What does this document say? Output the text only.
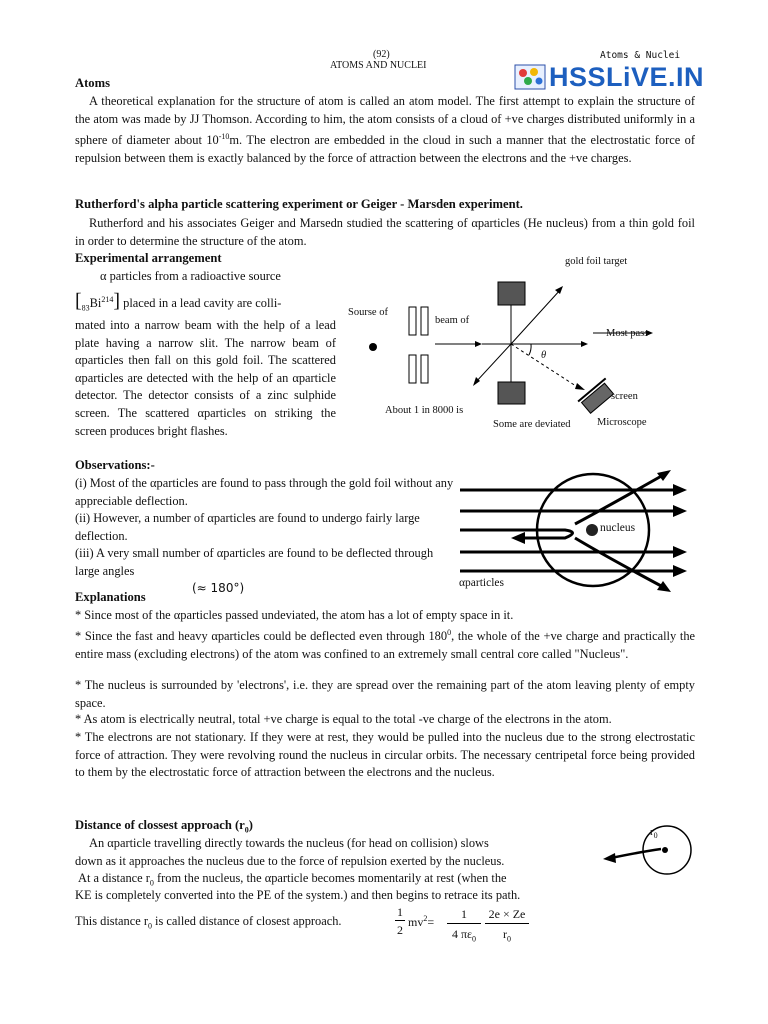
(92)
ATOMS AND NUCLEI
Atoms & Nuclei
HSSLiVE.IN
Atoms
A theoretical explanation for the structure of atom is called an atom model. The first attempt to explain the structure of the atom was made by JJ Thomson. According to him, the atom consists of a cloud of +ve charges distributed uniformly in a sphere of diameter about $10^{-10}m$. The electron are embedded in the cloud in such a manner that the electrostatic force of repulsion between them is exactly balanced by the force of attraction between the electrons and the +ve charges.
Rutherford's alpha particle scattering experiment or Geiger - Marsden experiment.
Rutherford and his associates Geiger and Marsedn studied the scattering of αparticles (He nucleus) from a thin gold foil in order to determine the structure of the atom.
Experimental arrangement
α particles from a radioactive source
$[_{83}Bi^{214}]$ placed in a lead cavity are colli-
mated into a narrow beam with the help of a lead plate having a narrow slit. The narrow beam of αparticles then fall on this gold foil. The scattered αparticles are detected with the help of an αparticle detector. The detector consists of a zinc sulphide screen. The scattered αparticles on striking the screen produces bright flashes.
gold foil target
Sourse of
beam of
Most pass
θ
screen
About 1 in 8000 is
Some are deviated	Microscope
Observations:-
(i) Most of the αparticles are found to pass through the gold foil without any appreciable deflection.
(ii) However, a number of αparticles are found to undergo fairly large deflection.
(iii) A very small number of αparticles are found to be deflected through large angles
(≈ 180°)
nucleus
αparticles
Explanations
* Since most of the αparticles passed undeviated, the atom has a lot of empty space in it.
* Since the fast and heavy αparticles could be deflected even through $180^0$, the whole of the +ve charge and practically the entire mass (excluding electrons) of the atom was confined to an extremely small central core called "Nucleus".
* The nucleus is surrounded by 'electrons', i.e. they are spread over the remaining part of the atom leaving plenty of empty space.
* As atom is electrically neutral, total +ve charge is equal to the total -ve charge of the electrons in the atom.
* The electrons are not stationary. If they were at rest, they would be pulled into the nucleus due to the strong electrostatic force of attraction. They were revolving round the nucleus in circular orbits. The necessary centripetal force being provided to them by the electrostatic force of attraction between the electrons and the nucleus.
Distance of clossest approach $(r_0)$
An αparticle travelling directly towards the nucleus (for head on collision) slows
down as it approaches the nucleus due to the force of repulsion exerted by the nucleus.
At a distance $r_0$ from the nucleus, the αparticle becomes momentarily at rest (when the
KE is completely converted into the PE of the system.) and then begins to retrace its path.
This distance $r_0$ is called distance of closest approach.
1
2
$mv^2=$
1
4 $\pi\varepsilon_0$
2e × Ze
$r_0$
$r_0$
